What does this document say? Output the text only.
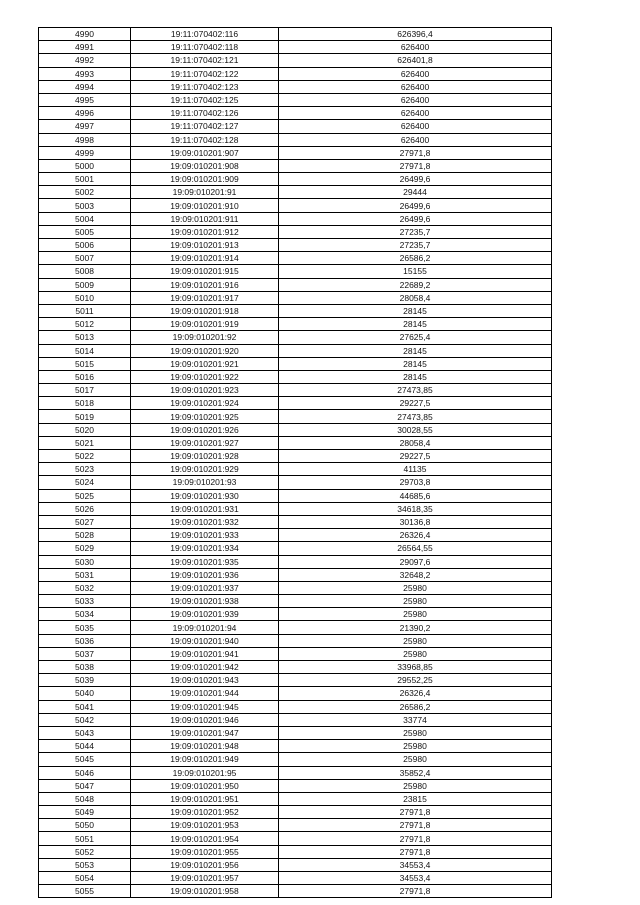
4990	19:11:070402:116	626396,4
4991	19:11:070402:118	626400
4992	19:11:070402:121	626401,8
4993	19:11:070402:122	626400
4994	19:11:070402:123	626400
4995	19:11:070402:125	626400
4996	19:11:070402:126	626400
4997	19:11:070402:127	626400
4998	19:11:070402:128	626400
4999	19:09:010201:907	27971,8
5000	19:09:010201:908	27971,8
5001	19:09:010201:909	26499,6
5002	19:09:010201:91	29444
5003	19:09:010201:910	26499,6
5004	19:09:010201:911	26499,6
5005	19:09:010201:912	27235,7
5006	19:09:010201:913	27235,7
5007	19:09:010201:914	26586,2
5008	19:09:010201:915	15155
5009	19:09:010201:916	22689,2
5010	19:09:010201:917	28058,4
5011	19:09:010201:918	28145
5012	19:09:010201:919	28145
5013	19:09:010201:92	27625,4
5014	19:09:010201:920	28145
5015	19:09:010201:921	28145
5016	19:09:010201:922	28145
5017	19:09:010201:923	27473,85
5018	19:09:010201:924	29227,5
5019	19:09:010201:925	27473,85
5020	19:09:010201:926	30028,55
5021	19:09:010201:927	28058,4
5022	19:09:010201:928	29227,5
5023	19:09:010201:929	41135
5024	19:09:010201:93	29703,8
5025	19:09:010201:930	44685,6
5026	19:09:010201:931	34618,35
5027	19:09:010201:932	30136,8
5028	19:09:010201:933	26326,4
5029	19:09:010201:934	26564,55
5030	19:09:010201:935	29097,6
5031	19:09:010201:936	32648,2
5032	19:09:010201:937	25980
5033	19:09:010201:938	25980
5034	19:09:010201:939	25980
5035	19:09:010201:94	21390,2
5036	19:09:010201:940	25980
5037	19:09:010201:941	25980
5038	19:09:010201:942	33968,85
5039	19:09:010201:943	29552,25
5040	19:09:010201:944	26326,4
5041	19:09:010201:945	26586,2
5042	19:09:010201:946	33774
5043	19:09:010201:947	25980
5044	19:09:010201:948	25980
5045	19:09:010201:949	25980
5046	19:09:010201:95	35852,4
5047	19:09:010201:950	25980
5048	19:09:010201:951	23815
5049	19:09:010201:952	27971,8
5050	19:09:010201:953	27971,8
5051	19:09:010201:954	27971,8
5052	19:09:010201:955	27971,8
5053	19:09:010201:956	34553,4
5054	19:09:010201:957	34553,4
5055	19:09:010201:958	27971,8
